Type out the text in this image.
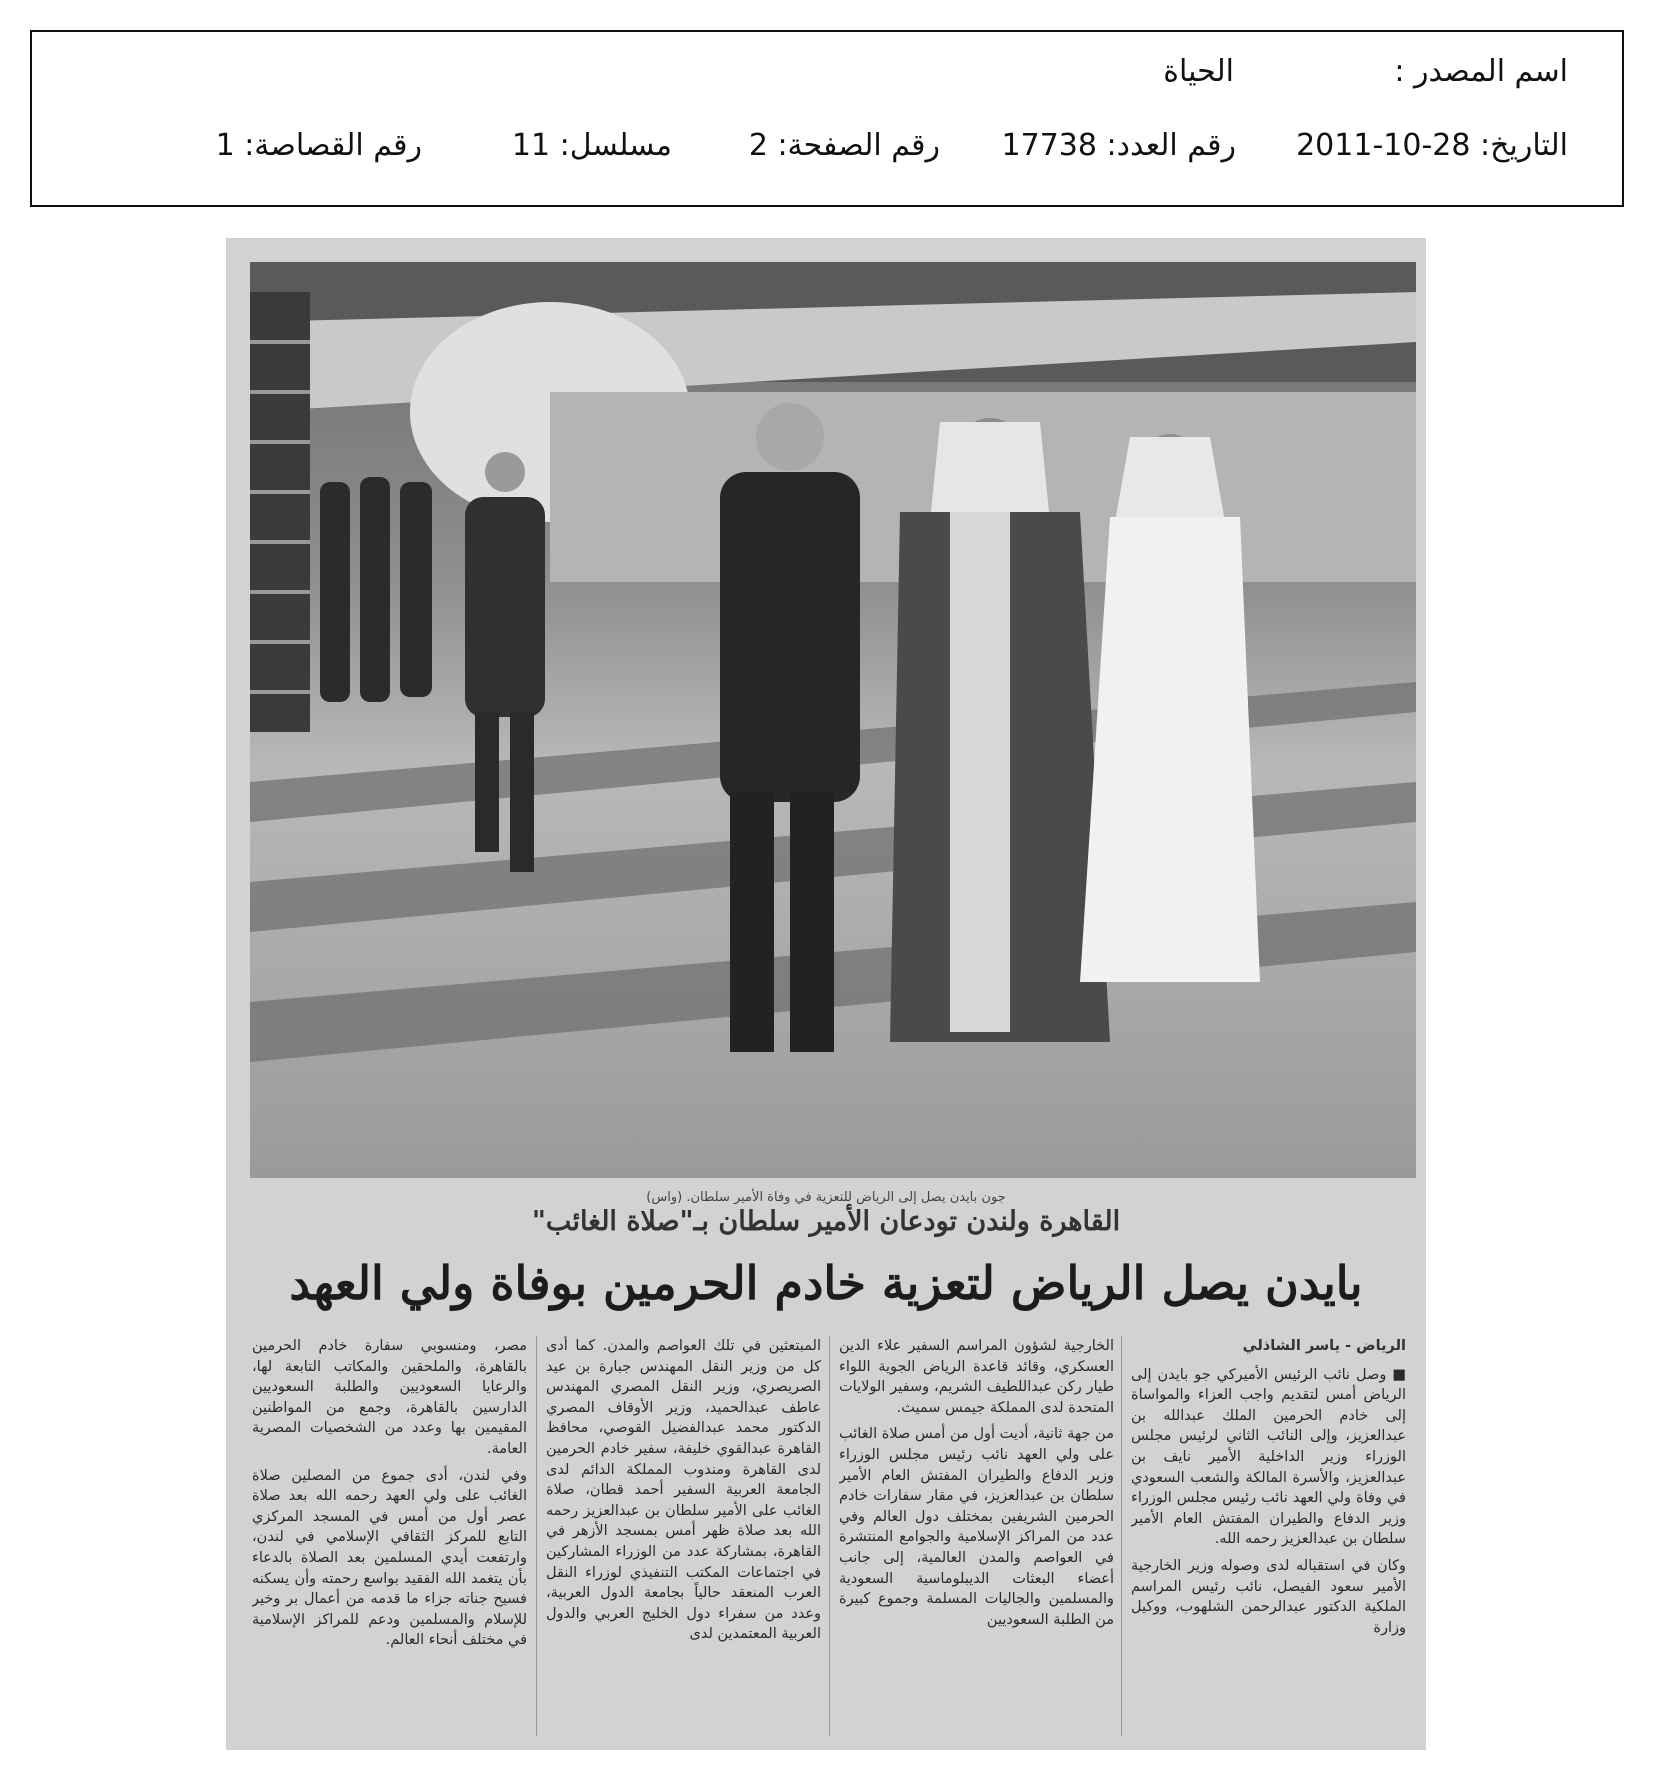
اسم المصدر :
الحياة
التاريخ: 28-10-2011
رقم العدد: 17738
رقم الصفحة: 2
مسلسل: 11
رقم القصاصة: 1
جون بايدن يصل إلى الرياض للتعزية في وفاة الأمير سلطان. (واس)
القاهرة ولندن تودعان الأمير سلطان بـ"صلاة الغائب"
بايدن يصل الرياض لتعزية خادم الحرمين بوفاة ولي العهد

الرياض - ياسر الشاذلي

■ وصل نائب الرئيس الأميركي جو بايدن إلى الرياض أمس لتقديم واجب العزاء والمواساة إلى خادم الحرمين الملك عبدالله بن عبدالعزيز، وإلى النائب الثاني لرئيس مجلس الوزراء وزير الداخلية الأمير نايف بن عبدالعزيز، والأسرة المالكة والشعب السعودي في وفاة ولي العهد نائب رئيس مجلس الوزراء وزير الدفاع والطيران المفتش العام الأمير سلطان بن عبدالعزيز رحمه الله.

وكان في استقباله لدى وصوله وزير الخارجية الأمير سعود الفيصل، نائب رئيس المراسم الملكية الدكتور عبدالرحمن الشلهوب، ووكيل وزارة

الخارجية لشؤون المراسم السفير علاء الدين العسكري، وقائد قاعدة الرياض الجوية اللواء طيار ركن عبداللطيف الشريم، وسفير الولايات المتحدة لدى المملكة جيمس سميث.

من جهة ثانية، أديت أول من أمس صلاة الغائب على ولي العهد نائب رئيس مجلس الوزراء وزير الدفاع والطيران المفتش العام الأمير سلطان بن عبدالعزيز، في مقار سفارات خادم الحرمين الشريفين بمختلف دول العالم وفي عدد من المراكز الإسلامية والجوامع المنتشرة في العواصم والمدن العالمية، إلى جانب أعضاء البعثات الديبلوماسية السعودية والمسلمين والجاليات المسلمة وجموع كبيرة من الطلبة السعوديين

المبتعثين في تلك العواصم والمدن. كما أدى كل من وزير النقل المهندس جبارة بن عيد الصريصري، وزير النقل المصري المهندس عاطف عبدالحميد، وزير الأوقاف المصري الدكتور محمد عبدالفضيل القوصي، محافظ القاهرة عبدالقوي خليفة، سفير خادم الحرمين لدى القاهرة ومندوب المملكة الدائم لدى الجامعة العربية السفير أحمد قطان، صلاة الغائب على الأمير سلطان بن عبدالعزيز رحمه الله بعد صلاة ظهر أمس بمسجد الأزهر في القاهرة، بمشاركة عدد من الوزراء المشاركين في اجتماعات المكتب التنفيذي لوزراء النقل العرب المنعقد حالياً بجامعة الدول العربية، وعدد من سفراء دول الخليج العربي والدول العربية المعتمدين لدى

مصر، ومنسوبي سفارة خادم الحرمين بالقاهرة، والملحقين والمكاتب التابعة لها، والرعايا السعوديين والطلبة السعوديين الدارسين بالقاهرة، وجمع من المواطنين المقيمين بها وعدد من الشخصيات المصرية العامة.

وفي لندن، أدى جموع من المصلين صلاة الغائب على ولي العهد رحمه الله بعد صلاة عصر أول من أمس في المسجد المركزي التابع للمركز الثقافي الإسلامي في لندن، وارتفعت أيدي المسلمين بعد الصلاة بالدعاء بأن يتغمد الله الفقيد بواسع رحمته وأن يسكنه فسيح جناته جزاء ما قدمه من أعمال بر وخير للإسلام والمسلمين ودعم للمراكز الإسلامية في مختلف أنحاء العالم.
